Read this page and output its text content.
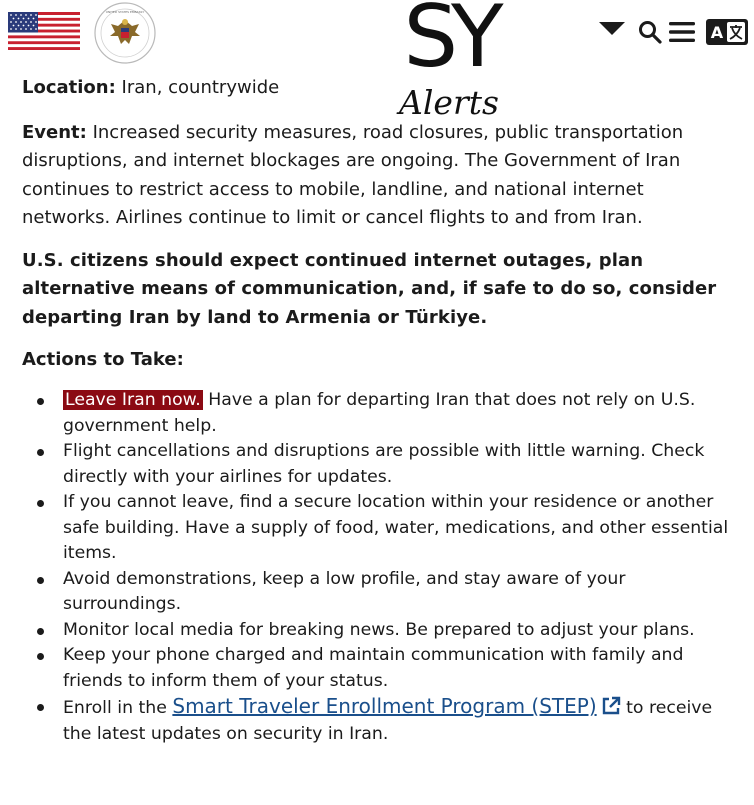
UNITED STATES EMBASSY
A
SY
Alerts

Location: Iran, countrywide

Event: Increased security measures, road closures, public transportation disruptions, and internet blockages are ongoing. The Government of Iran continues to restrict access to mobile, landline, and national internet networks. Airlines continue to limit or cancel flights to and from Iran.

U.S. citizens should expect continued internet outages, plan alternative means of communication, and, if safe to do so, consider departing Iran by land to Armenia or Türkiye.

Actions to Take:
Leave Iran now. Have a plan for departing Iran that does not rely on U.S. government help.
Flight cancellations and disruptions are possible with little warning. Check directly with your airlines for updates.
If you cannot leave, find a secure location within your residence or another safe building. Have a supply of food, water, medications, and other essential items.
Avoid demonstrations, keep a low profile, and stay aware of your surroundings.
Monitor local media for breaking news. Be prepared to adjust your plans.
Keep your phone charged and maintain communication with family and friends to inform them of your status.
Enroll in the Smart Traveler Enrollment Program (STEP) to receive the latest updates on security in Iran.
